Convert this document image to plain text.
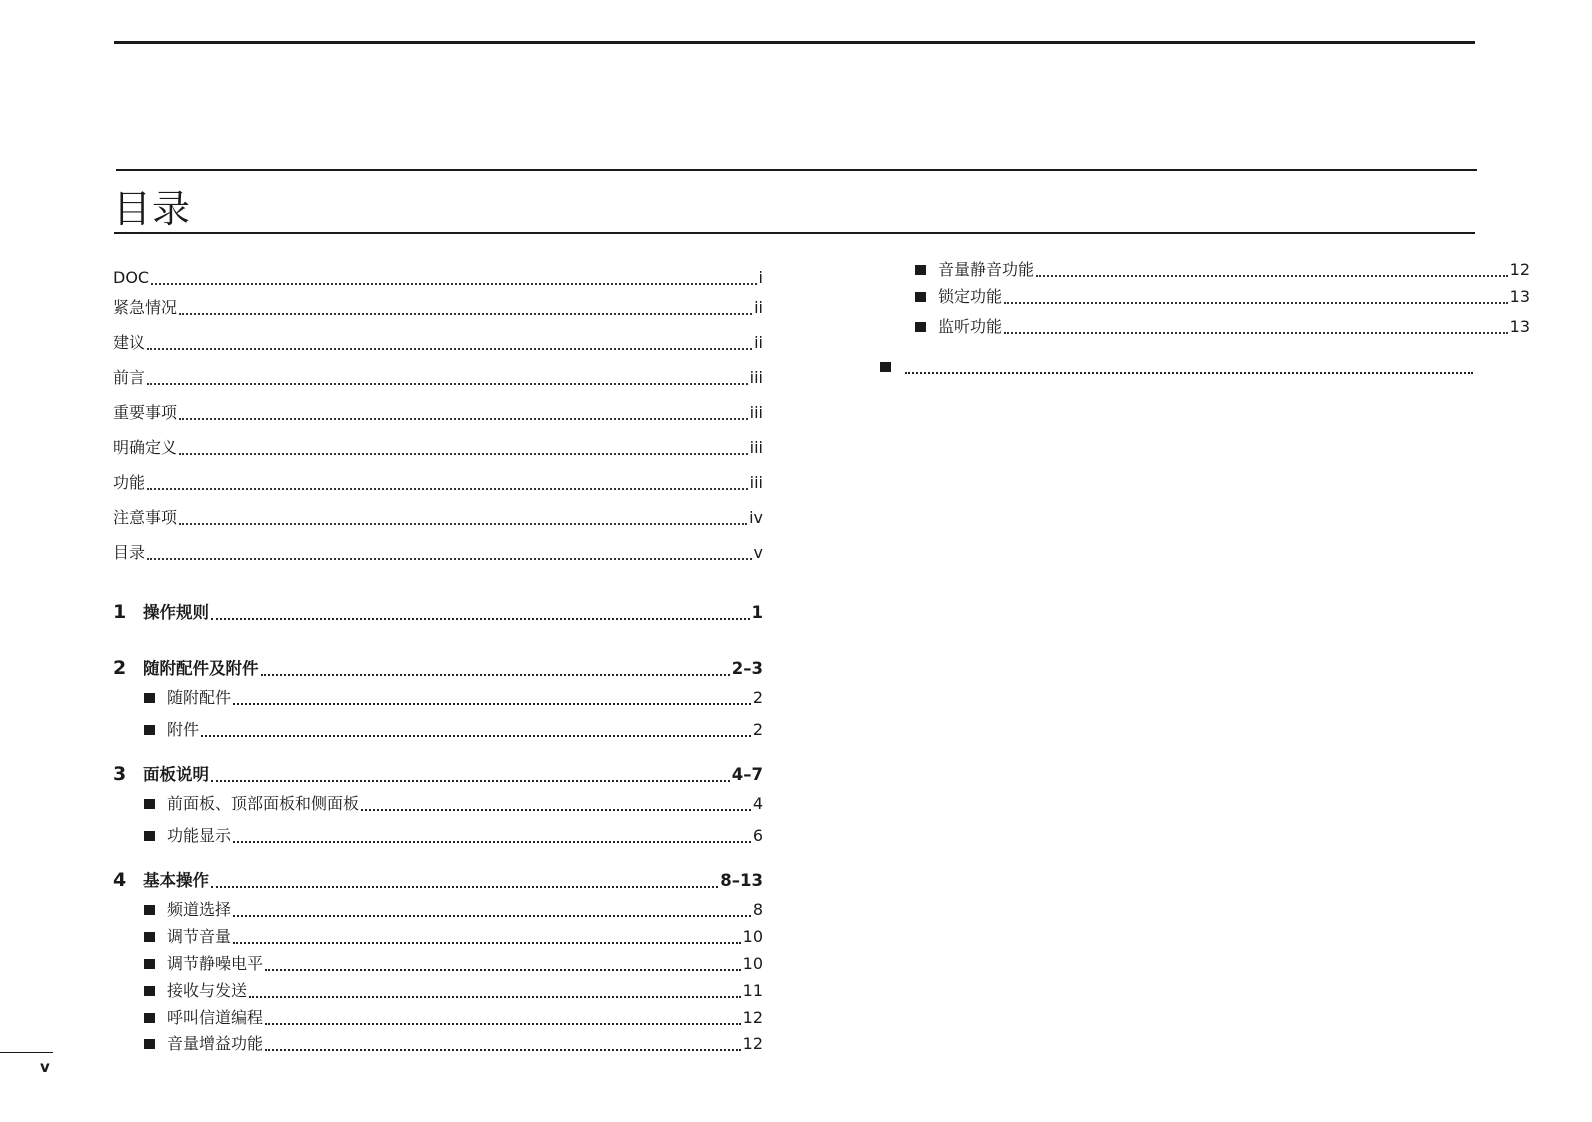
目录
DOC	i
紧急情况	ii
建议	ii
前言	iii
重要事项	iii
明确定义	iii
功能	iii
注意事项	iv
目录	v
1 操作规则	1
2 随附配件及附件	2–3
随附配件	2
附件	2
3 面板说明	4–7
前面板、顶部面板和侧面板	4
功能显示	6
4 基本操作	8–13
频道选择	8
调节音量	10
调节静噪电平	10
接收与发送	11
呼叫信道编程	12
音量增益功能	12
音量静音功能	12
锁定功能	13
监听功能	13
v
